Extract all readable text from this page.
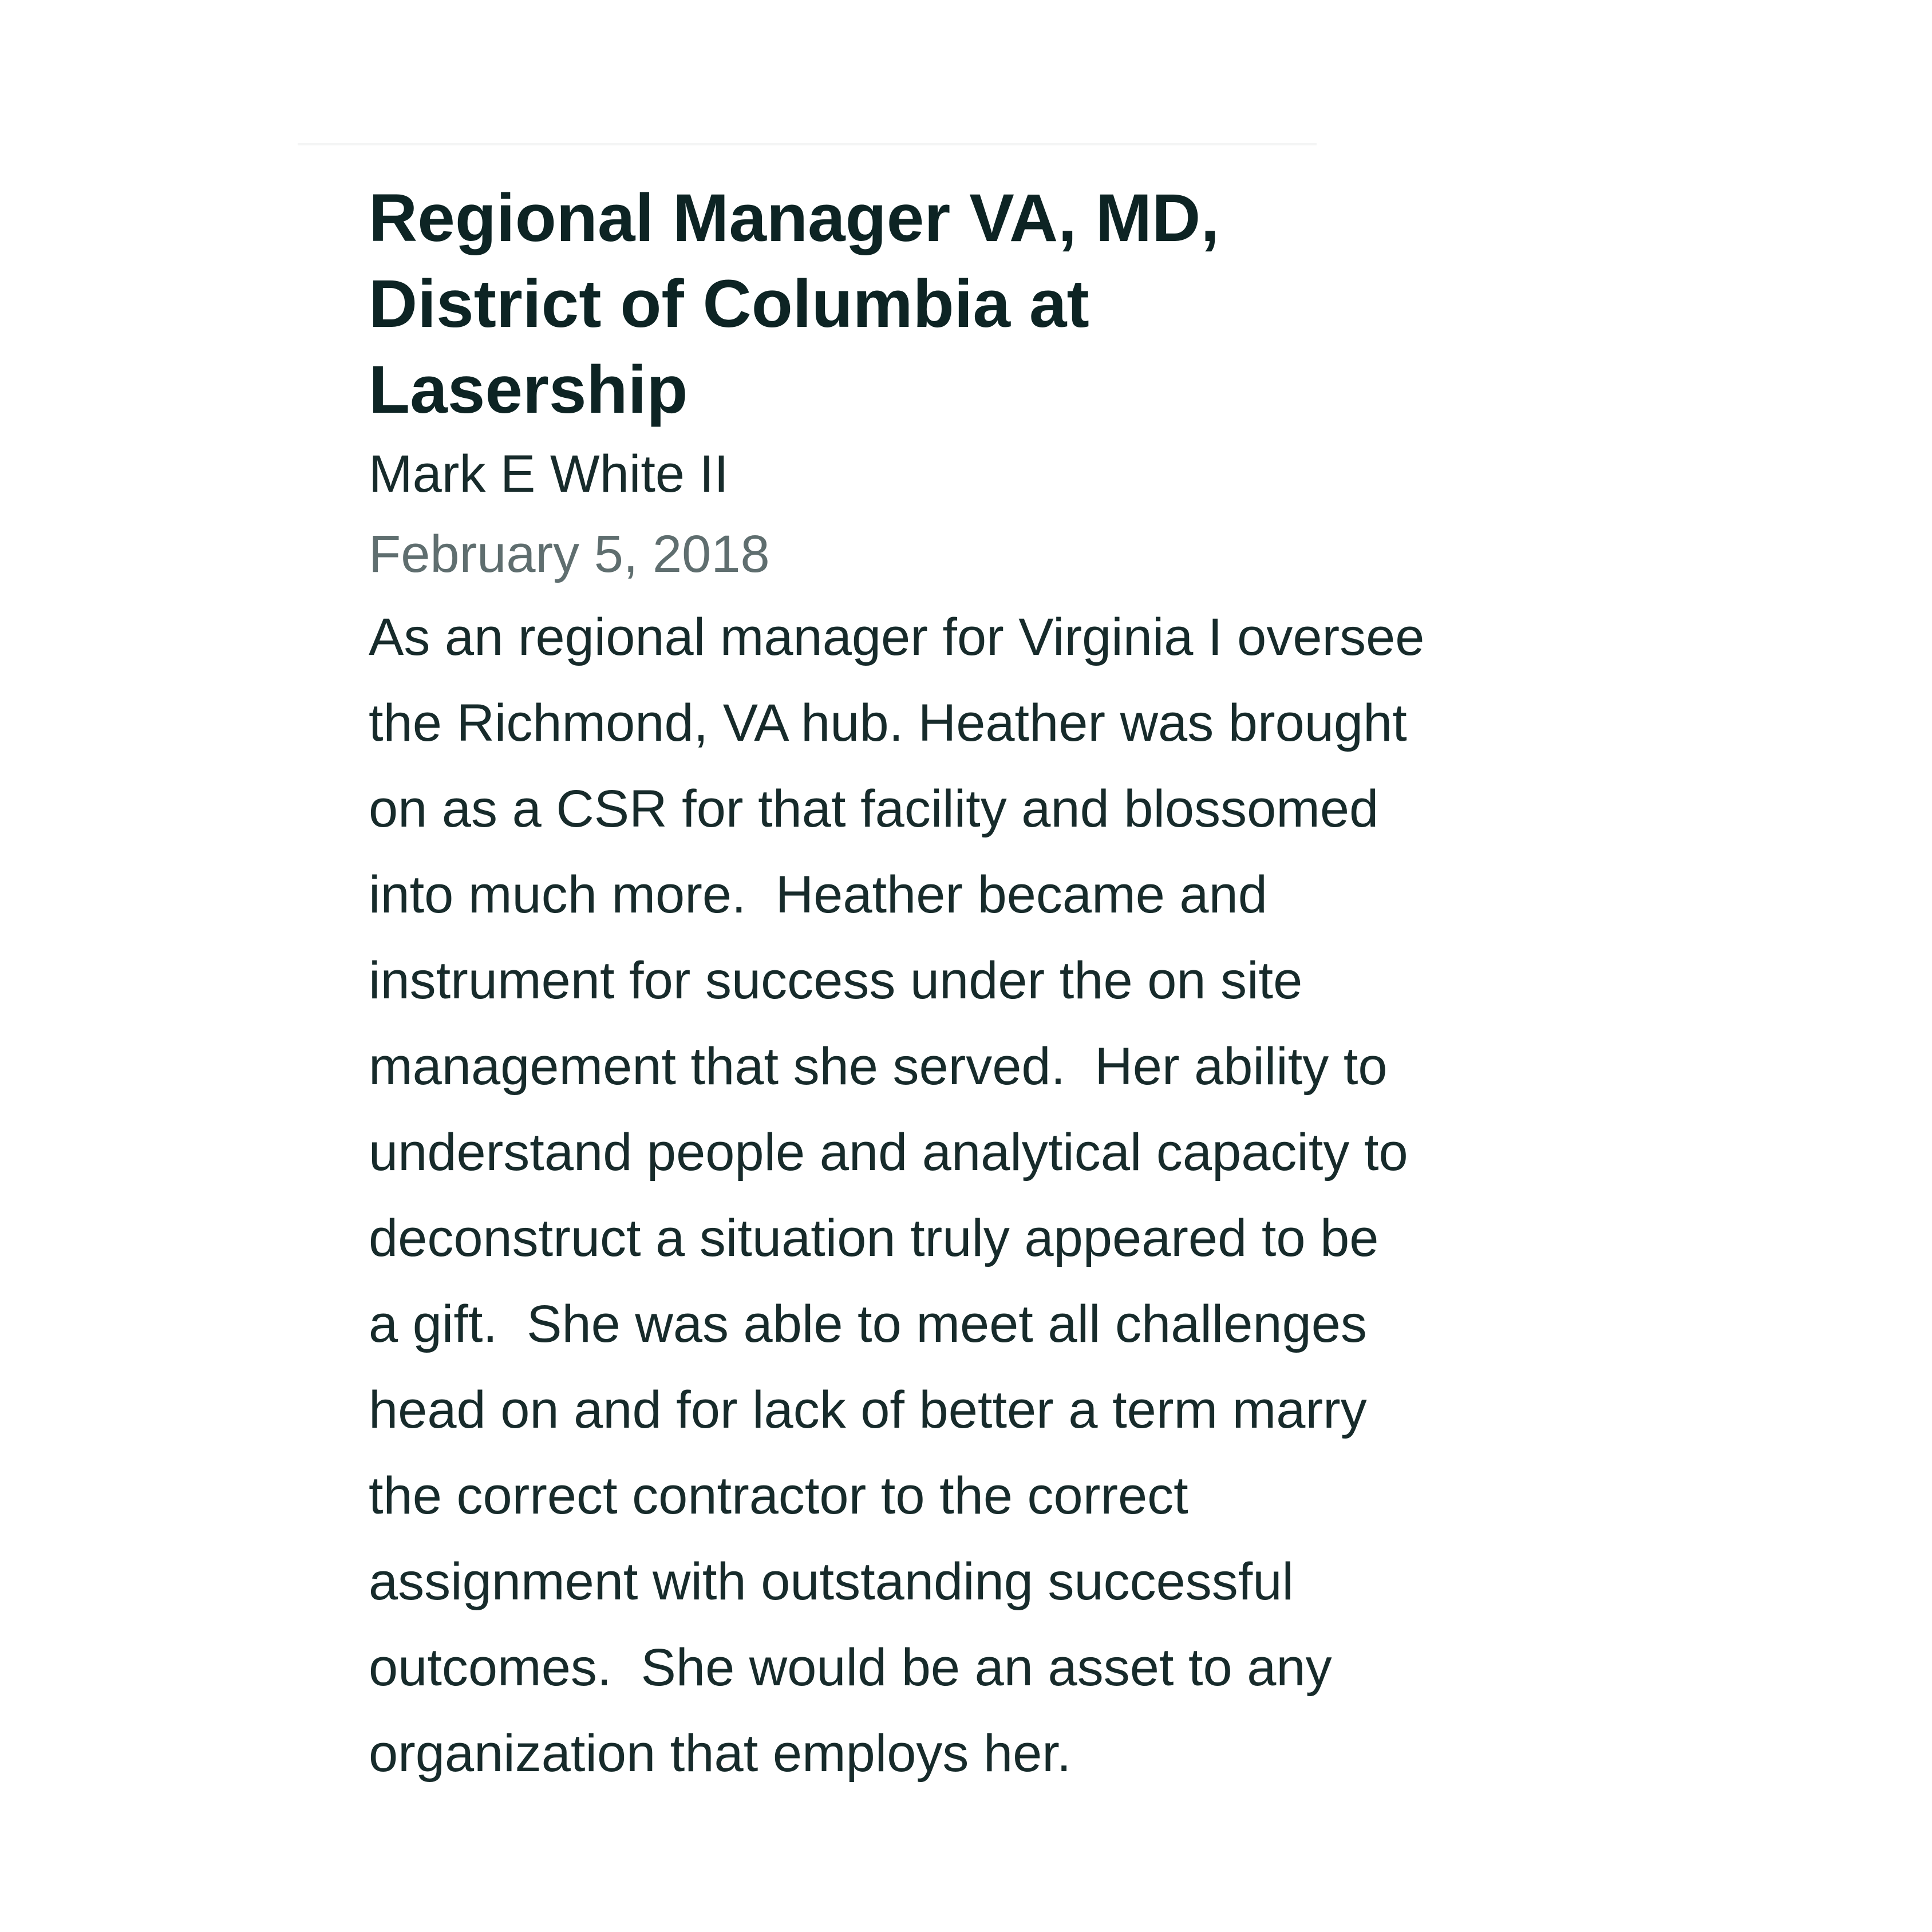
Regional Manager VA, MD,
District of Columbia at
Lasership
Mark E White II
February 5, 2018
As an regional manager for Virginia I oversee
the Richmond, VA hub. Heather was brought
on as a CSR for that facility and blossomed
into much more.  Heather became and
instrument for success under the on site
management that she served.  Her ability to
understand people and analytical capacity to
deconstruct a situation truly appeared to be
a gift.  She was able to meet all challenges
head on and for lack of better a term marry
the correct contractor to the correct
assignment with outstanding successful
outcomes.  She would be an asset to any
organization that employs her.
